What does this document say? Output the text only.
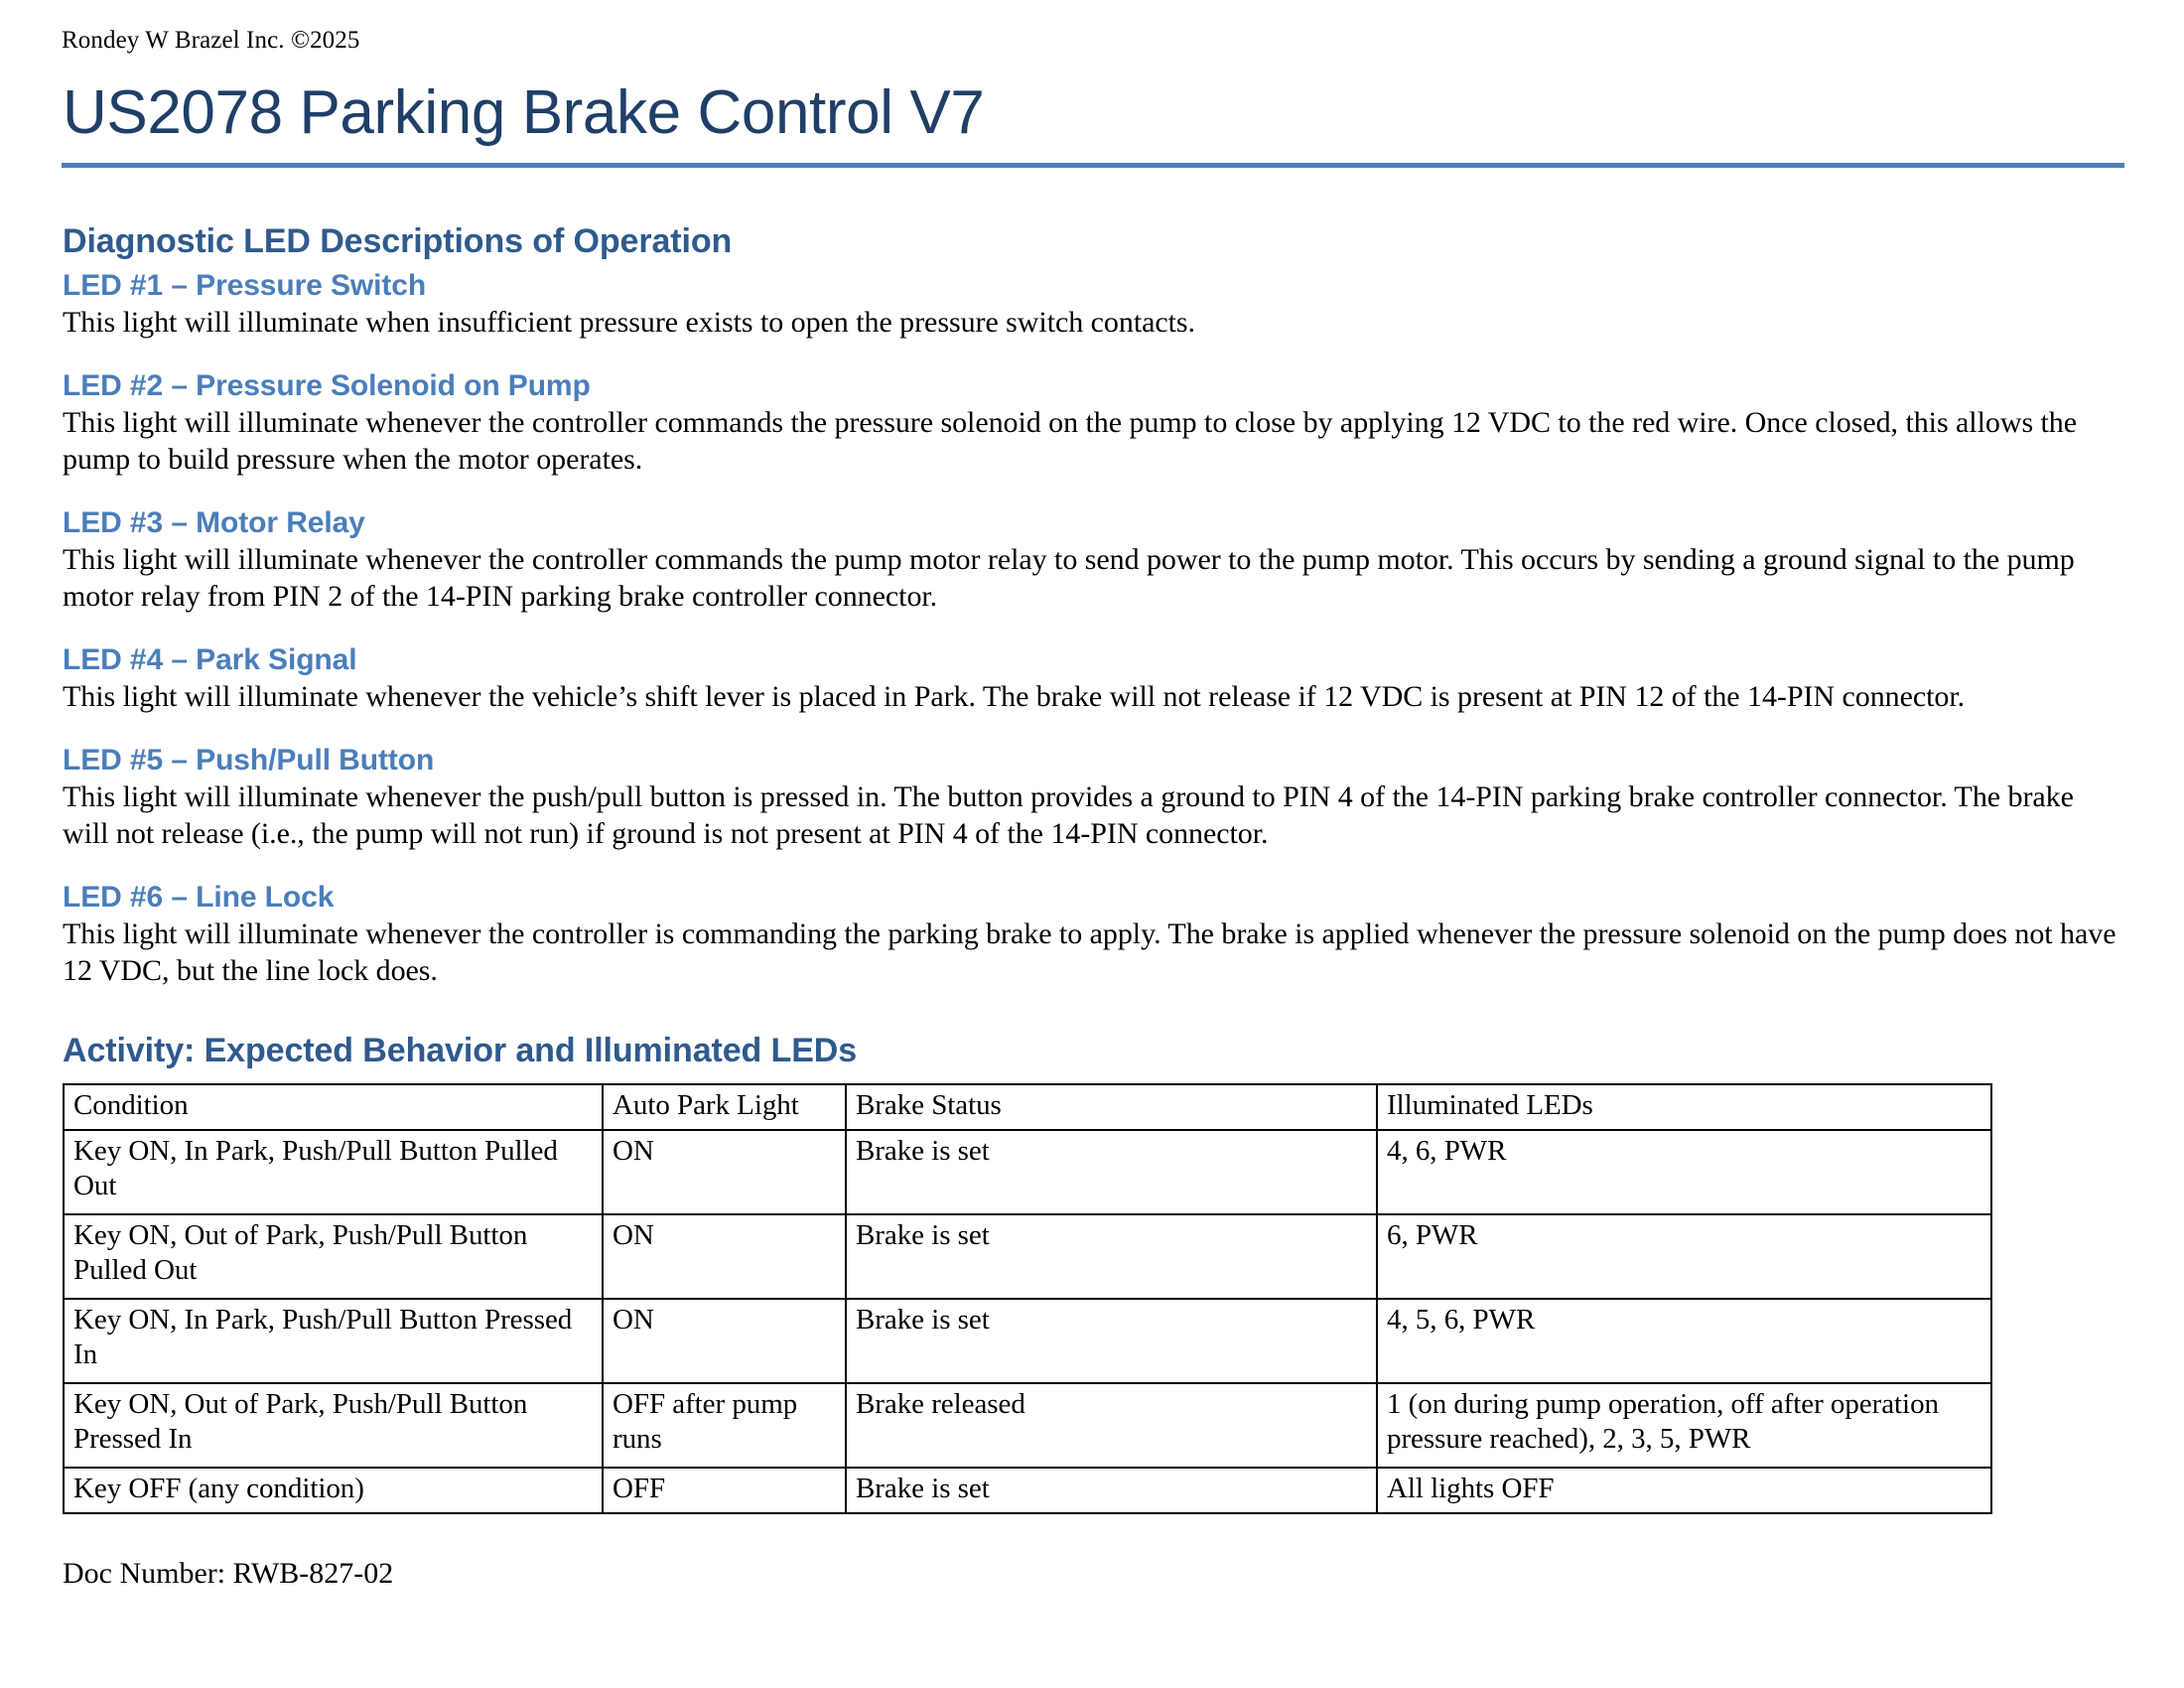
Rondey W Brazel Inc. ©2025
US2078 Parking Brake Control V7
Diagnostic LED Descriptions of Operation
LED #1 – Pressure Switch

This light will illuminate when insufficient pressure exists to open the pressure switch contacts.

LED #2 – Pressure Solenoid on Pump

This light will illuminate whenever the controller commands the pressure solenoid on the pump to close by applying 12 VDC to the red wire. Once closed, this allows the pump to build pressure when the motor operates.

LED #3 – Motor Relay

This light will illuminate whenever the controller commands the pump motor relay to send power to the pump motor. This occurs by sending a ground signal to the pump motor relay from PIN 2 of the 14-PIN parking brake controller connector.

LED #4 – Park Signal

This light will illuminate whenever the vehicle’s shift lever is placed in Park. The brake will not release if 12 VDC is present at PIN 12 of the 14-PIN connector.

LED #5 – Push/Pull Button

This light will illuminate whenever the push/pull button is pressed in. The button provides a ground to PIN 4 of the 14-PIN parking brake controller connector. The brake will not release (i.e., the pump will not run) if ground is not present at PIN 4 of the 14-PIN connector.

LED #6 – Line Lock

This light will illuminate whenever the controller is commanding the parking brake to apply. The brake is applied whenever the pressure solenoid on the pump does not have 12 VDC, but the line lock does.

Activity: Expected Behavior and Illuminated LEDs
Condition	Auto Park Light	Brake Status	Illuminated LEDs
Key ON, In Park, Push/Pull Button Pulled Out	ON	Brake is set	4, 6, PWR
Key ON, Out of Park, Push/Pull Button Pulled Out	ON	Brake is set	6, PWR
Key ON, In Park, Push/Pull Button Pressed In	ON	Brake is set	4, 5, 6, PWR
Key ON, Out of Park, Push/Pull Button Pressed In	OFF after pump runs	Brake released	1 (on during pump operation, off after operation pressure reached), 2, 3, 5, PWR
Key OFF (any condition)	OFF	Brake is set	All lights OFF
Doc Number: RWB-827-02
